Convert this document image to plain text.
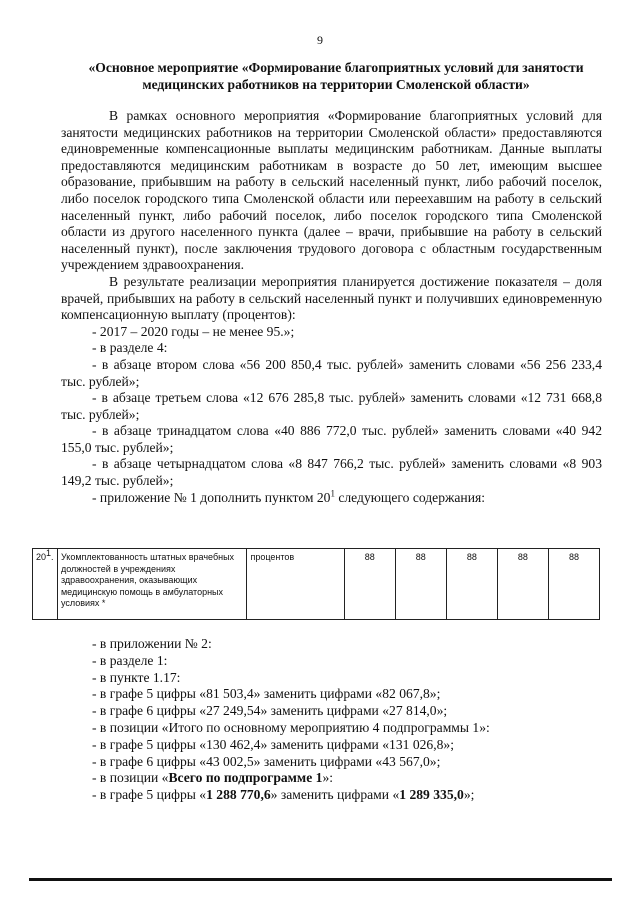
9
«Основное мероприятие «Формирование благоприятных условий для занятости медицинских работников на территории Смоленской области»

В рамках основного мероприятия «Формирование благоприятных условий для занятости медицинских работников на территории Смоленской области» предоставляются единовременные компенсационные выплаты медицинским работникам. Данные выплаты предоставляются медицинским работникам в возрасте до 50 лет, имеющим высшее образование, прибывшим на работу в сельский населенный пункт, либо рабочий поселок, либо поселок городского типа Смоленской области или переехавшим на работу в сельский населенный пункт, либо рабочий поселок, либо поселок городского типа Смоленской области из другого населенного пункта (далее – врачи, прибывшие на работу в сельский населенный пункт), после заключения трудового договора с областным государственным учреждением здравоохранения.

В результате реализации мероприятия планируется достижение показателя – доля врачей, прибывших на работу в сельский населенный пункт и получивших единовременную компенсационную выплату (процентов):

- 2017 – 2020 годы – не менее 95.»;

- в разделе 4:

- в абзаце втором слова «56 200 850,4 тыс. рублей» заменить словами «56 256 233,4 тыс. рублей»;

- в абзаце третьем слова «12 676 285,8 тыс. рублей» заменить словами «12 731 668,8 тыс. рублей»;

- в абзаце тринадцатом слова «40 886 772,0 тыс. рублей» заменить словами «40 942 155,0 тыс. рублей»;

- в абзаце четырнадцатом слова «8 847 766,2 тыс. рублей» заменить словами «8 903 149,2 тыс. рублей»;

- приложение № 1 дополнить пунктом $20^1$ следующего содержания:

$20^1$.	Укомплектованность штатных врачебных должностей в учреждениях здравоохранения, оказывающих медицинскую помощь в амбулаторных условиях *	процентов	88	88	88	88	88

- в приложении № 2:

- в разделе 1:

- в пункте 1.17:

- в графе 5 цифры «81 503,4» заменить цифрами «82 067,8»;

- в графе 6 цифры «27 249,54» заменить цифрами «27 814,0»;

- в позиции «Итого по основному мероприятию 4 подпрограммы 1»:

- в графе 5 цифры «130 462,4» заменить цифрами «131 026,8»;

- в графе 6 цифры «43 002,5» заменить цифрами «43 567,0»;

- в позиции «Всего по подпрограмме 1»:

- в графе 5 цифры «1 288 770,6» заменить цифрами «1 289 335,0»;
